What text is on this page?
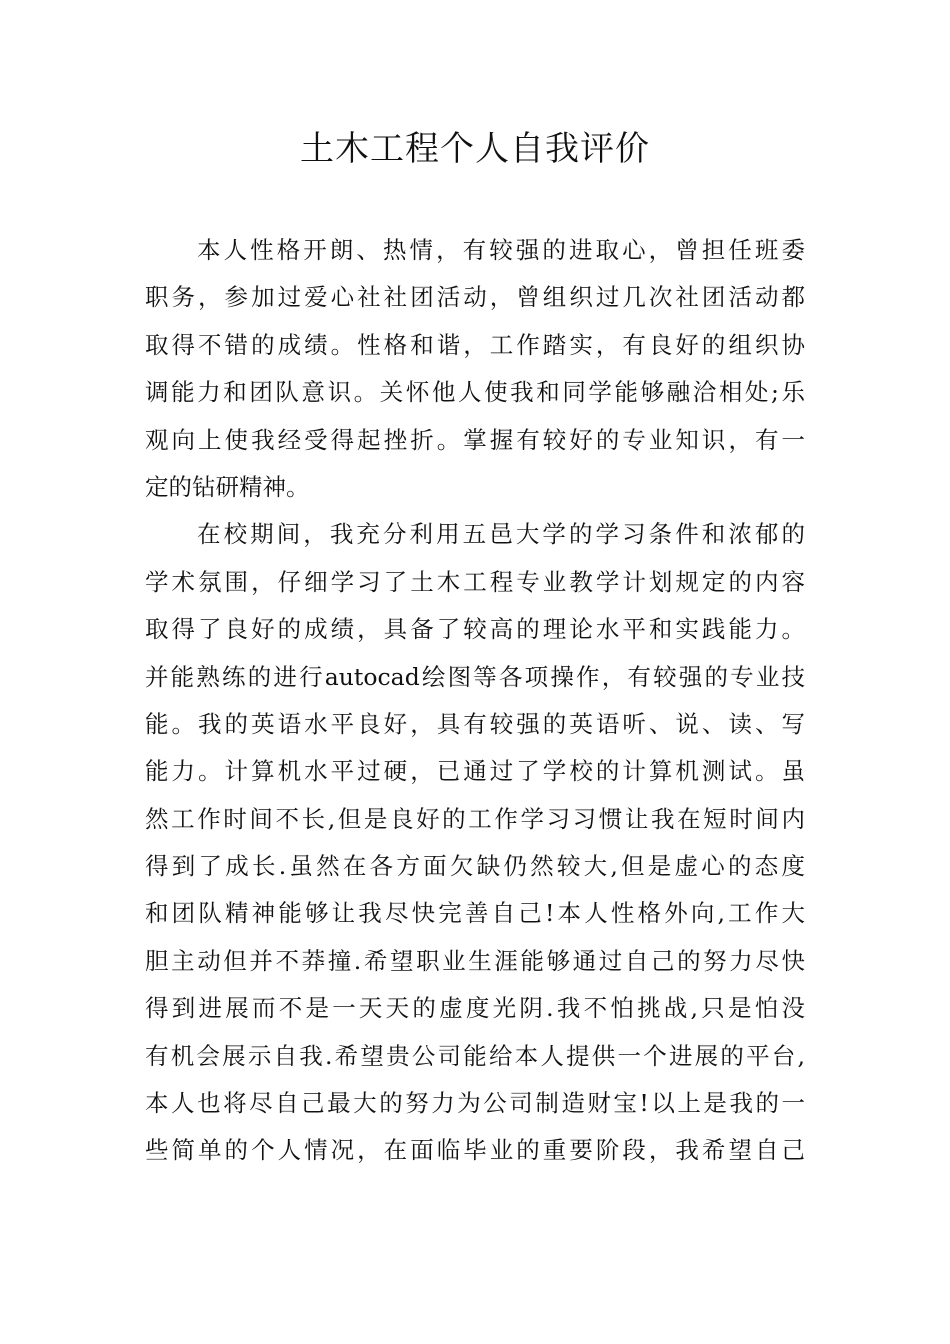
土木工程个人自我评价
本人性格开朗、热情，有较强的进取心，曾担任班委
职务，参加过爱心社社团活动，曾组织过几次社团活动都
取得不错的成绩。性格和谐，工作踏实，有良好的组织协
调能力和团队意识。关怀他人使我和同学能够融洽相处;乐
观向上使我经受得起挫折。掌握有较好的专业知识，有一
定的钻研精神。
在校期间，我充分利用五邑大学的学习条件和浓郁的
学术氛围，仔细学习了土木工程专业教学计划规定的内容
取得了良好的成绩，具备了较高的理论水平和实践能力。
并能熟练的进行autocad绘图等各项操作，有较强的专业技
能。我的英语水平良好，具有较强的英语听、说、读、写
能力。计算机水平过硬，已通过了学校的计算机测试。虽
然工作时间不长,但是良好的工作学习习惯让我在短时间内
得到了成长.虽然在各方面欠缺仍然较大,但是虚心的态度
和团队精神能够让我尽快完善自己!本人性格外向,工作大
胆主动但并不莽撞.希望职业生涯能够通过自己的努力尽快
得到进展而不是一天天的虚度光阴.我不怕挑战,只是怕没
有机会展示自我.希望贵公司能给本人提供一个进展的平台,
本人也将尽自己最大的努力为公司制造财宝!以上是我的一
些简单的个人情况，在面临毕业的重要阶段，我希望自己
